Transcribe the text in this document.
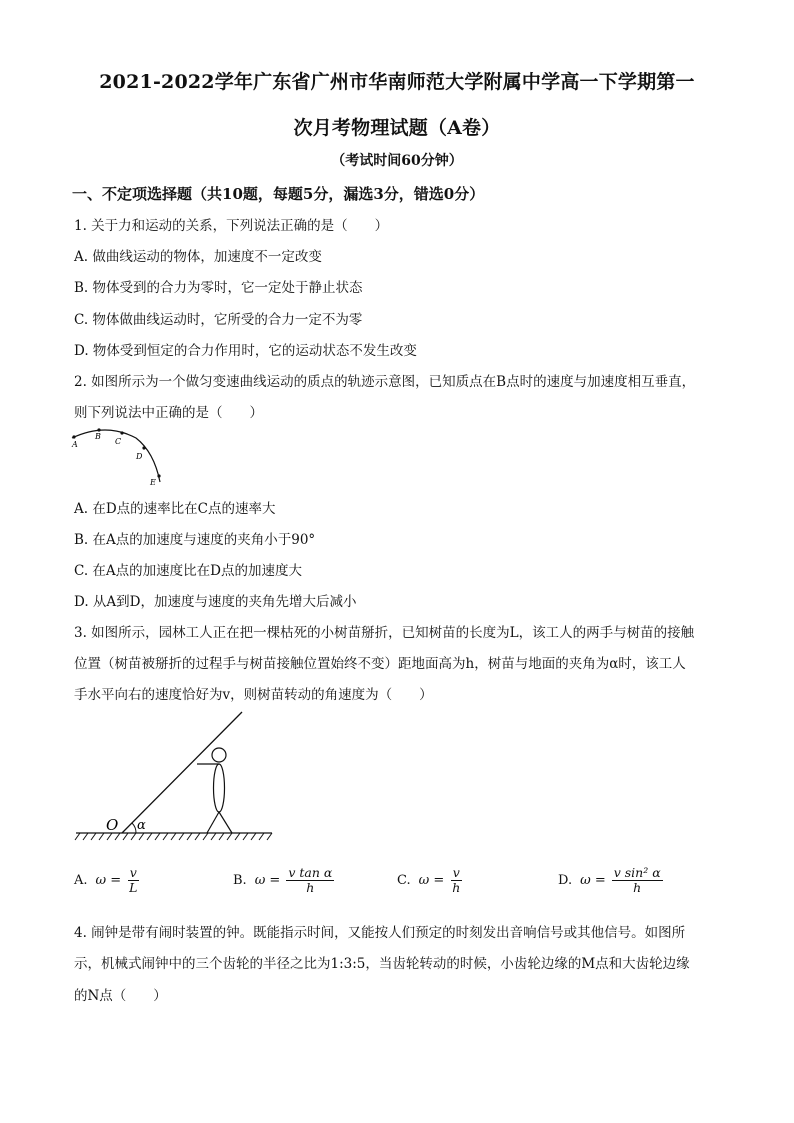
2021-2022学年广东省广州市华南师范大学附属中学高一下学期第一
次月考物理试题（A卷）
（考试时间60分钟）
一、不定项选择题（共10题，每题5分，漏选3分，错选0分）
1. 关于力和运动的关系，下列说法正确的是（　　）
A. 做曲线运动的物体，加速度不一定改变
B. 物体受到的合力为零时，它一定处于静止状态
C. 物体做曲线运动时，它所受的合力一定不为零
D. 物体受到恒定的合力作用时，它的运动状态不发生改变
2. 如图所示为一个做匀变速曲线运动的质点的轨迹示意图，已知质点在B点时的速度与加速度相互垂直，
则下列说法中正确的是（　　）
A
B
C
D
E
A. 在D点的速率比在C点的速率大
B. 在A点的加速度与速度的夹角小于90°
C. 在A点的加速度比在D点的加速度大
D. 从A到D，加速度与速度的夹角先增大后减小
3. 如图所示，园林工人正在把一棵枯死的小树苗掰折，已知树苗的长度为L，该工人的两手与树苗的接触
位置（树苗被掰折的过程手与树苗接触位置始终不变）距地面高为h，树苗与地面的夹角为α时，该工人
手水平向右的速度恰好为v，则树苗转动的角速度为（　　）
O α
A. $\omega = \frac{v}{L}$	B. $\omega = \frac{\text{v tan α}}{h}$	C. $\omega = \frac{v}{h}$	D. $\omega = \frac{\text{v sin² α}}{h}$
4. 闹钟是带有闹时装置的钟。既能指示时间，又能按人们预定的时刻发出音响信号或其他信号。如图所
示，机械式闹钟中的三个齿轮的半径之比为1:3:5，当齿轮转动的时候，小齿轮边缘的M点和大齿轮边缘
的N点（　　）
